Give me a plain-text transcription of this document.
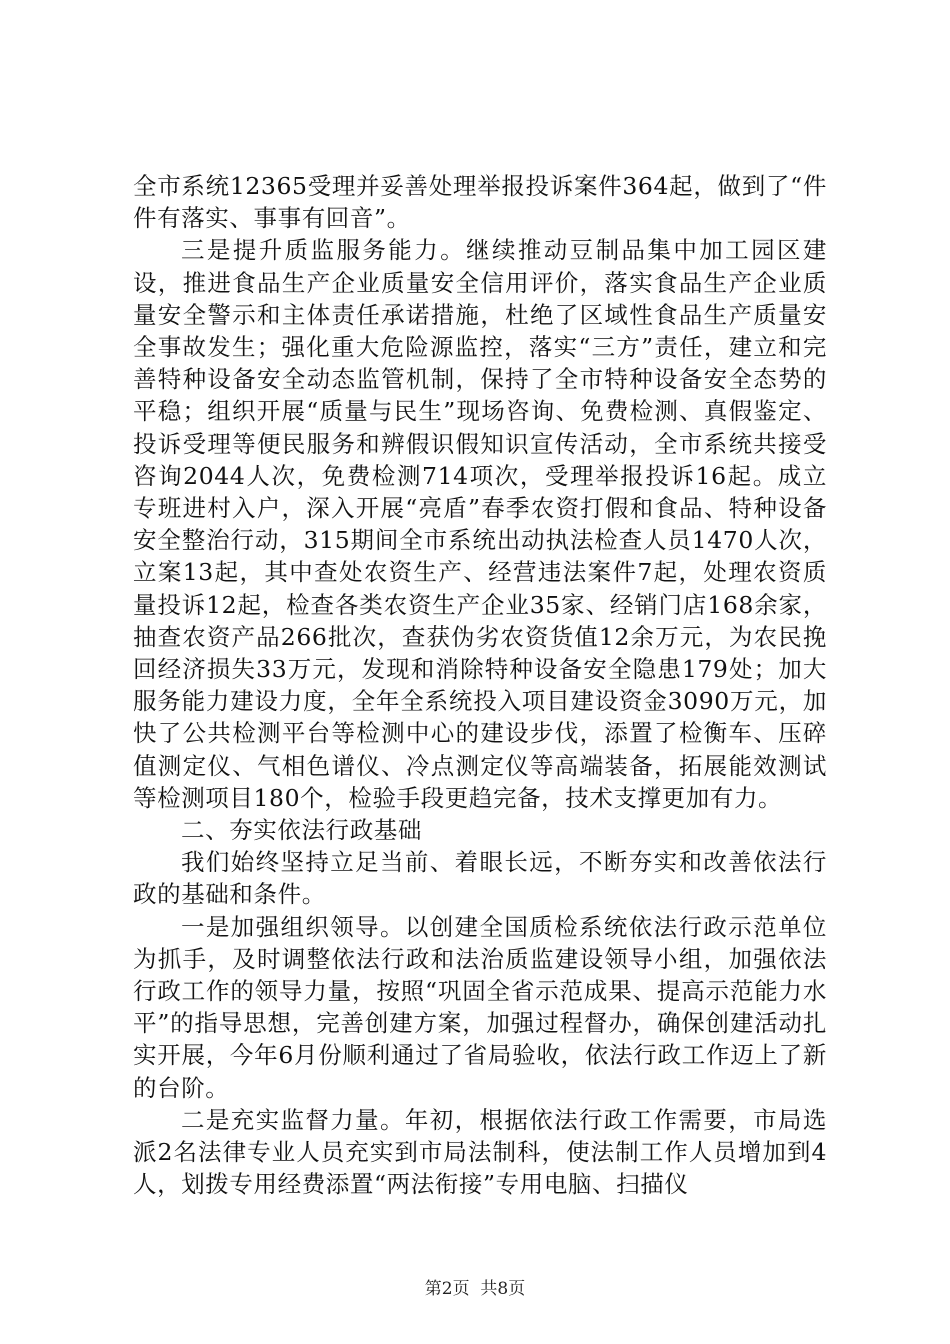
全市系统12365受理并妥善处理举报投诉案件364起，做到了“件件有落实、事事有回音”。

三是提升质监服务能力。继续推动豆制品集中加工园区建设，推进食品生产企业质量安全信用评价，落实食品生产企业质量安全警示和主体责任承诺措施，杜绝了区域性食品生产质量安全事故发生；强化重大危险源监控，落实“三方”责任，建立和完善特种设备安全动态监管机制，保持了全市特种设备安全态势的平稳；组织开展“质量与民生”现场咨询、免费检测、真假鉴定、投诉受理等便民服务和辨假识假知识宣传活动，全市系统共接受咨询2044人次，免费检测714项次，受理举报投诉16起。成立专班进村入户，深入开展“亮盾”春季农资打假和食品、特种设备安全整治行动，315期间全市系统出动执法检查人员1470人次，立案13起，其中查处农资生产、经营违法案件7起，处理农资质量投诉12起，检查各类农资生产企业35家、经销门店168余家，抽查农资产品266批次，查获伪劣农资货值12余万元，为农民挽回经济损失33万元，发现和消除特种设备安全隐患179处；加大服务能力建设力度，全年全系统投入项目建设资金3090万元，加快了公共检测平台等检测中心的建设步伐，添置了检衡车、压碎值测定仪、气相色谱仪、冷点测定仪等高端装备，拓展能效测试等检测项目180个，检验手段更趋完备，技术支撑更加有力。

二、夯实依法行政基础

我们始终坚持立足当前、着眼长远，不断夯实和改善依法行政的基础和条件。

一是加强组织领导。以创建全国质检系统依法行政示范单位为抓手，及时调整依法行政和法治质监建设领导小组，加强依法行政工作的领导力量，按照“巩固全省示范成果、提高示范能力水平”的指导思想，完善创建方案，加强过程督办，确保创建活动扎实开展，今年6月份顺利通过了省局验收，依法行政工作迈上了新的台阶。

二是充实监督力量。年初，根据依法行政工作需要，市局选派2名法律专业人员充实到市局法制科，使法制工作人员增加到4人，划拨专用经费添置“两法衔接”专用电脑、扫描仪

第2页  共8页
